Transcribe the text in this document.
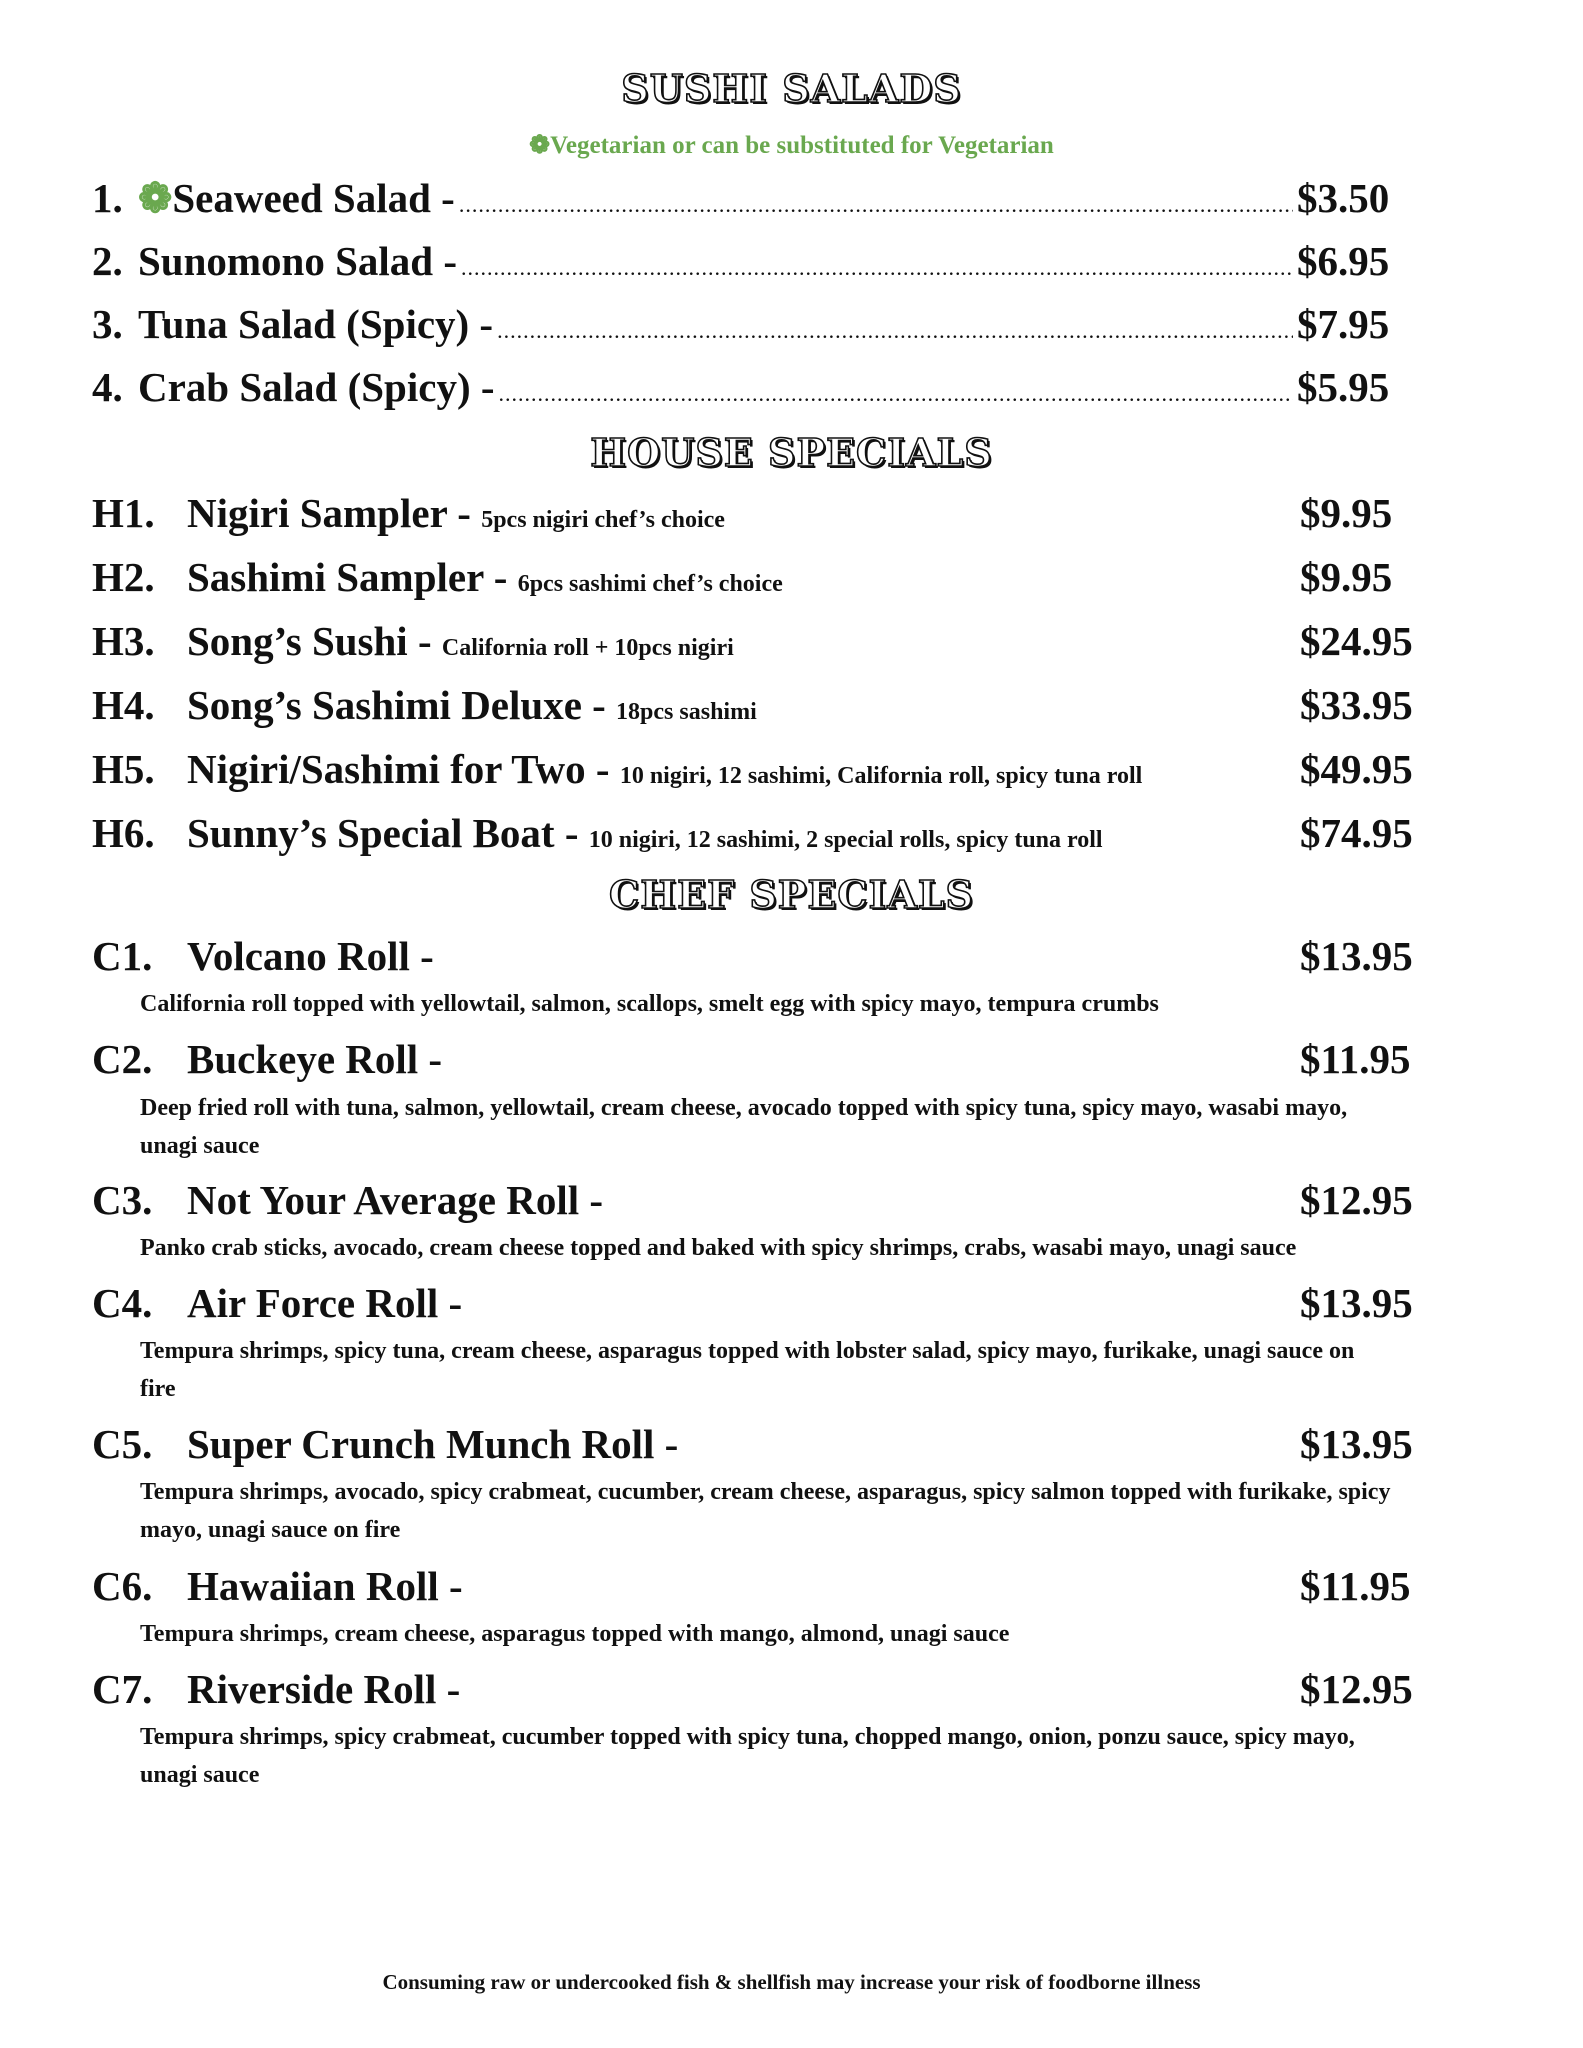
SUSHI SALADS
❁Vegetarian or can be substituted for Vegetarian
1. ❁Seaweed Salad - .....	$3.50
2. Sunomono Salad - .....	$6.95
3. Tuna Salad (Spicy) - .....	$7.95
4. Crab Salad (Spicy) - .....	$5.95
HOUSE SPECIALS
H1. Nigiri Sampler - 5pcs nigiri chef’s choice	$9.95
H2. Sashimi Sampler - 6pcs sashimi chef’s choice	$9.95
H3. Song’s Sushi - California roll + 10pcs nigiri	$24.95
H4. Song’s Sashimi Deluxe - 18pcs sashimi	$33.95
H5. Nigiri/Sashimi for Two - 10 nigiri, 12 sashimi, California roll, spicy tuna roll	$49.95
H6. Sunny’s Special Boat - 10 nigiri, 12 sashimi, 2 special rolls, spicy tuna roll	$74.95
CHEF SPECIALS
C1. Volcano Roll -	$13.95
California roll topped with yellowtail, salmon, scallops, smelt egg with spicy mayo, tempura crumbs
C2. Buckeye Roll -	$11.95
Deep fried roll with tuna, salmon, yellowtail, cream cheese, avocado topped with spicy tuna, spicy mayo, wasabi mayo,
unagi sauce
C3. Not Your Average Roll -	$12.95
Panko crab sticks, avocado, cream cheese topped and baked with spicy shrimps, crabs, wasabi mayo, unagi sauce
C4. Air Force Roll -	$13.95
Tempura shrimps, spicy tuna, cream cheese, asparagus topped with lobster salad, spicy mayo, furikake, unagi sauce on
fire
C5. Super Crunch Munch Roll -	$13.95
Tempura shrimps, avocado, spicy crabmeat, cucumber, cream cheese, asparagus, spicy salmon topped with furikake, spicy
mayo, unagi sauce on fire
C6. Hawaiian Roll -	$11.95
Tempura shrimps, cream cheese, asparagus topped with mango, almond, unagi sauce
C7. Riverside Roll -	$12.95
Tempura shrimps, spicy crabmeat, cucumber topped with spicy tuna, chopped mango, onion, ponzu sauce, spicy mayo,
unagi sauce
Consuming raw or undercooked fish & shellfish may increase your risk of foodborne illness
